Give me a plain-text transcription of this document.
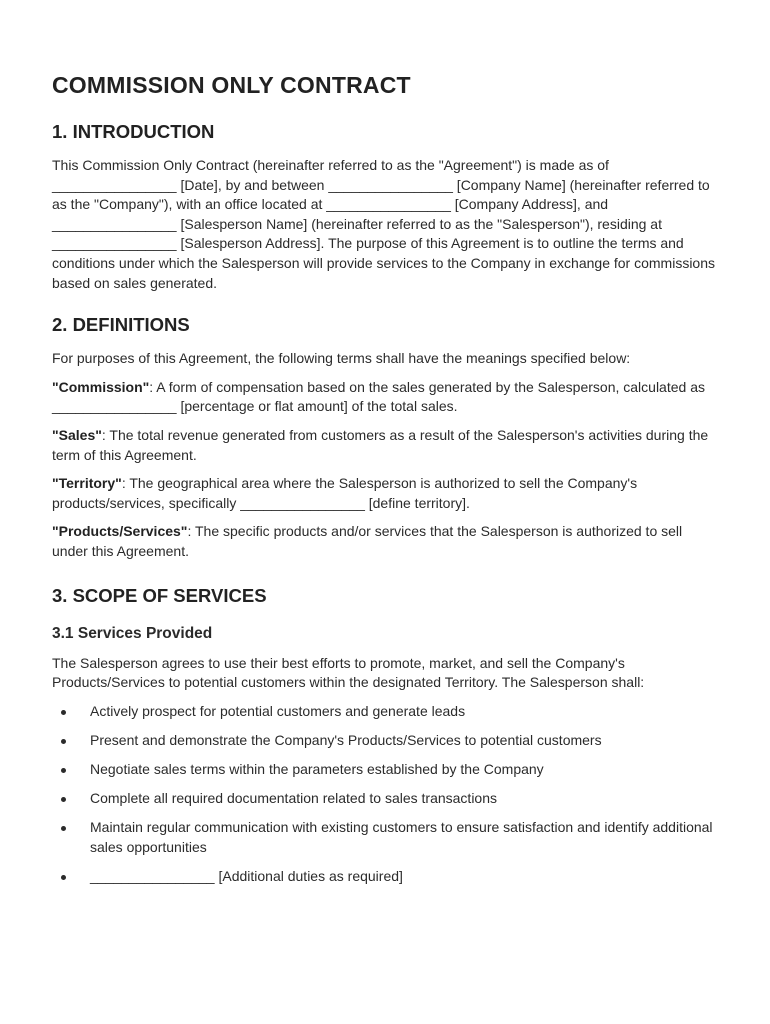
COMMISSION ONLY CONTRACT
1. INTRODUCTION

This Commission Only Contract (hereinafter referred to as the "Agreement") is made as of ________________ [Date], by and between ________________ [Company Name] (hereinafter referred to as the "Company"), with an office located at ________________ [Company Address], and ________________ [Salesperson Name] (hereinafter referred to as the "Salesperson"), residing at ________________ [Salesperson Address]. The purpose of this Agreement is to outline the terms and conditions under which the Salesperson will provide services to the Company in exchange for commissions based on sales generated.

2. DEFINITIONS

For purposes of this Agreement, the following terms shall have the meanings specified below:

"Commission": A form of compensation based on the sales generated by the Salesperson, calculated as ________________ [percentage or flat amount] of the total sales.

"Sales": The total revenue generated from customers as a result of the Salesperson's activities during the term of this Agreement.

"Territory": The geographical area where the Salesperson is authorized to sell the Company's products/services, specifically ________________ [define territory].

"Products/Services": The specific products and/or services that the Salesperson is authorized to sell under this Agreement.

3. SCOPE OF SERVICES
3.1 Services Provided

The Salesperson agrees to use their best efforts to promote, market, and sell the Company's Products/Services to potential customers within the designated Territory. The Salesperson shall:

Actively prospect for potential customers and generate leads
Present and demonstrate the Company's Products/Services to potential customers
Negotiate sales terms within the parameters established by the Company
Complete all required documentation related to sales transactions
Maintain regular communication with existing customers to ensure satisfaction and identify additional sales opportunities
________________ [Additional duties as required]
